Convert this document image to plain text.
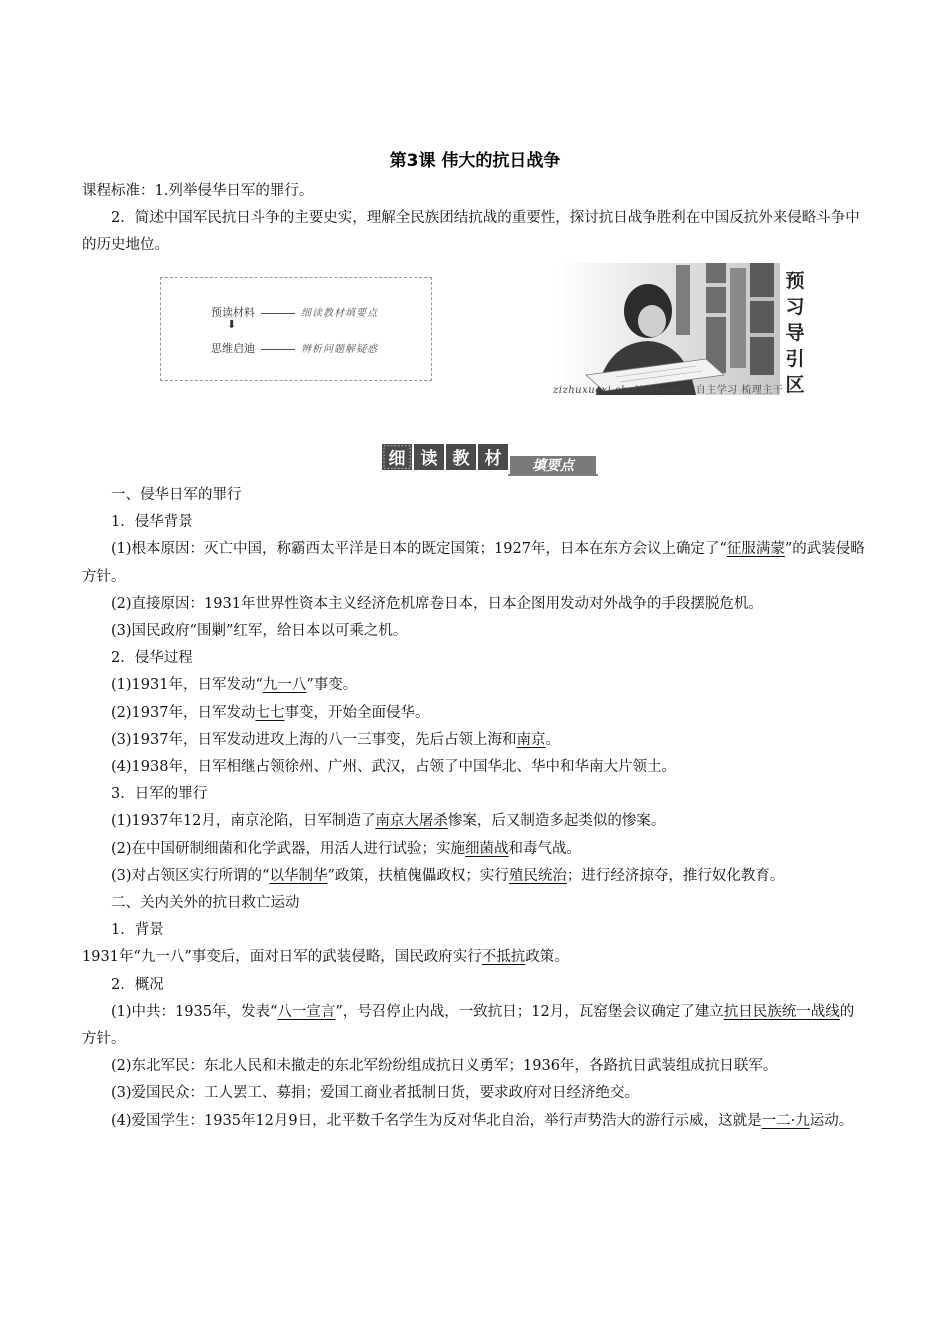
第3课 伟大的抗日战争
课程标准：1.列举侵华日军的罪行。
2．简述中国军民抗日斗争的主要史实，理解全民族团结抗战的重要性，探讨抗日战争胜利在中国反抗外来侵略斗争中的历史地位。
预读材料	细读教材填要点
⬇
思维启迪	辨析问题解疑惑
预
习
导
引
区
zizhuxuexi shulizhugan 自主学习 梳理主干
细 读 教 材 填要点

一、侵华日军的罪行

1．侵华背景

(1)根本原因：灭亡中国，称霸西太平洋是日本的既定国策；1927年，日本在东方会议上确定了“征服满蒙”的武装侵略方针。

(2)直接原因：1931年世界性资本主义经济危机席卷日本，日本企图用发动对外战争的手段摆脱危机。

(3)国民政府“围剿”红军，给日本以可乘之机。

2．侵华过程

(1)1931年，日军发动“九一八”事变。

(2)1937年，日军发动七七事变，开始全面侵华。

(3)1937年，日军发动进攻上海的八一三事变，先后占领上海和南京。

(4)1938年，日军相继占领徐州、广州、武汉，占领了中国华北、华中和华南大片领土。

3．日军的罪行

(1)1937年12月，南京沦陷，日军制造了南京大屠杀惨案，后又制造多起类似的惨案。

(2)在中国研制细菌和化学武器，用活人进行试验；实施细菌战和毒气战。

(3)对占领区实行所谓的“以华制华”政策，扶植傀儡政权；实行殖民统治；进行经济掠夺，推行奴化教育。

二、关内关外的抗日救亡运动

1．背景

1931年“九一八”事变后，面对日军的武装侵略，国民政府实行不抵抗政策。

2．概况

(1)中共：1935年，发表“八一宣言”，号召停止内战，一致抗日；12月，瓦窑堡会议确定了建立抗日民族统一战线的方针。

(2)东北军民：东北人民和未撤走的东北军纷纷组成抗日义勇军；1936年，各路抗日武装组成抗日联军。

(3)爱国民众：工人罢工、募捐；爱国工商业者抵制日货，要求政府对日经济绝交。

(4)爱国学生：1935年12月9日，北平数千名学生为反对华北自治，举行声势浩大的游行示威，这就是一二·九运动。
